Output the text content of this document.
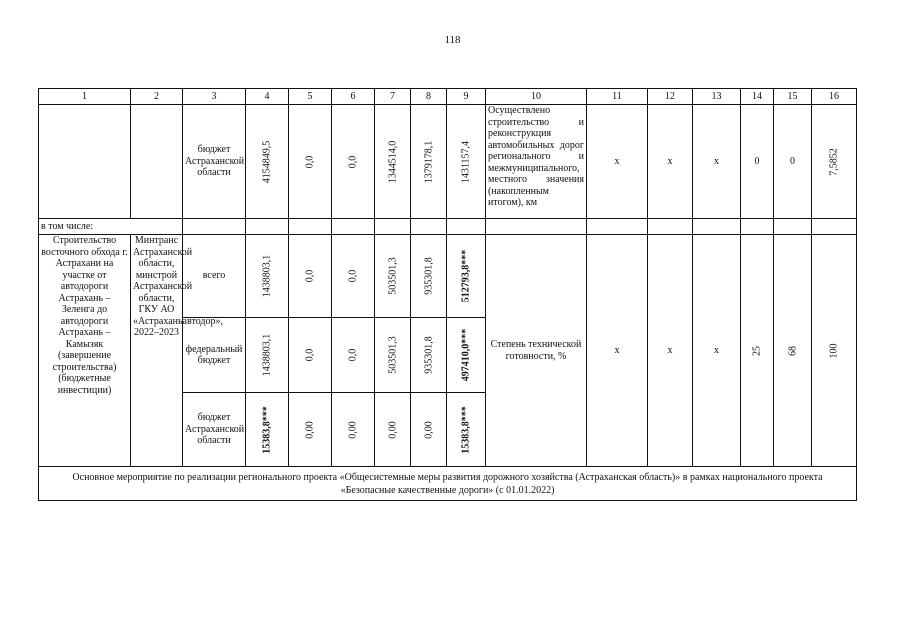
118
1	2	3	4	5	6	7	8	9	10	11	12	13	14	15	16
		бюджет Астраханской области	4154849,5	0,0	0,0	1344514,0	1379178,1	1431157,4	Осуществлено строительство и реконструкция автомобильных дорог регионального и межмуниципального, местного значения (накопленным итогом), км	x	x	x	0	0	7,5852

в том числе:															
Строительство восточного обхода г. Астрахани на участке от автодороги Астрахань – Зеленга до автодороги Астрахань – Камызяк (завершение строительства) (бюджетные инвестиции)	Минтранс Астраханской области, минстрой Астраханской области, ГКУ АО «Астраханьавтодор», 2022–2023	всего	1438803,1	0,0	0,0	503501,3	935301,8	512793,8***	Степень технической готовности, %	x	x	x	25	68	100

		федеральный бюджет	1438803,1	0,0	0,0	503501,3	935301,8	497410,0***							

		бюджет Астраханской области	15383,8***	0,00	0,00	0,00	0,00	15383,8***							

Основное мероприятие по реализации регионального проекта «Общесистемные меры развития дорожного хозяйства (Астраханская область)» в рамках национального проекта «Безопасные качественные дороги» (с 01.01.2022)															
